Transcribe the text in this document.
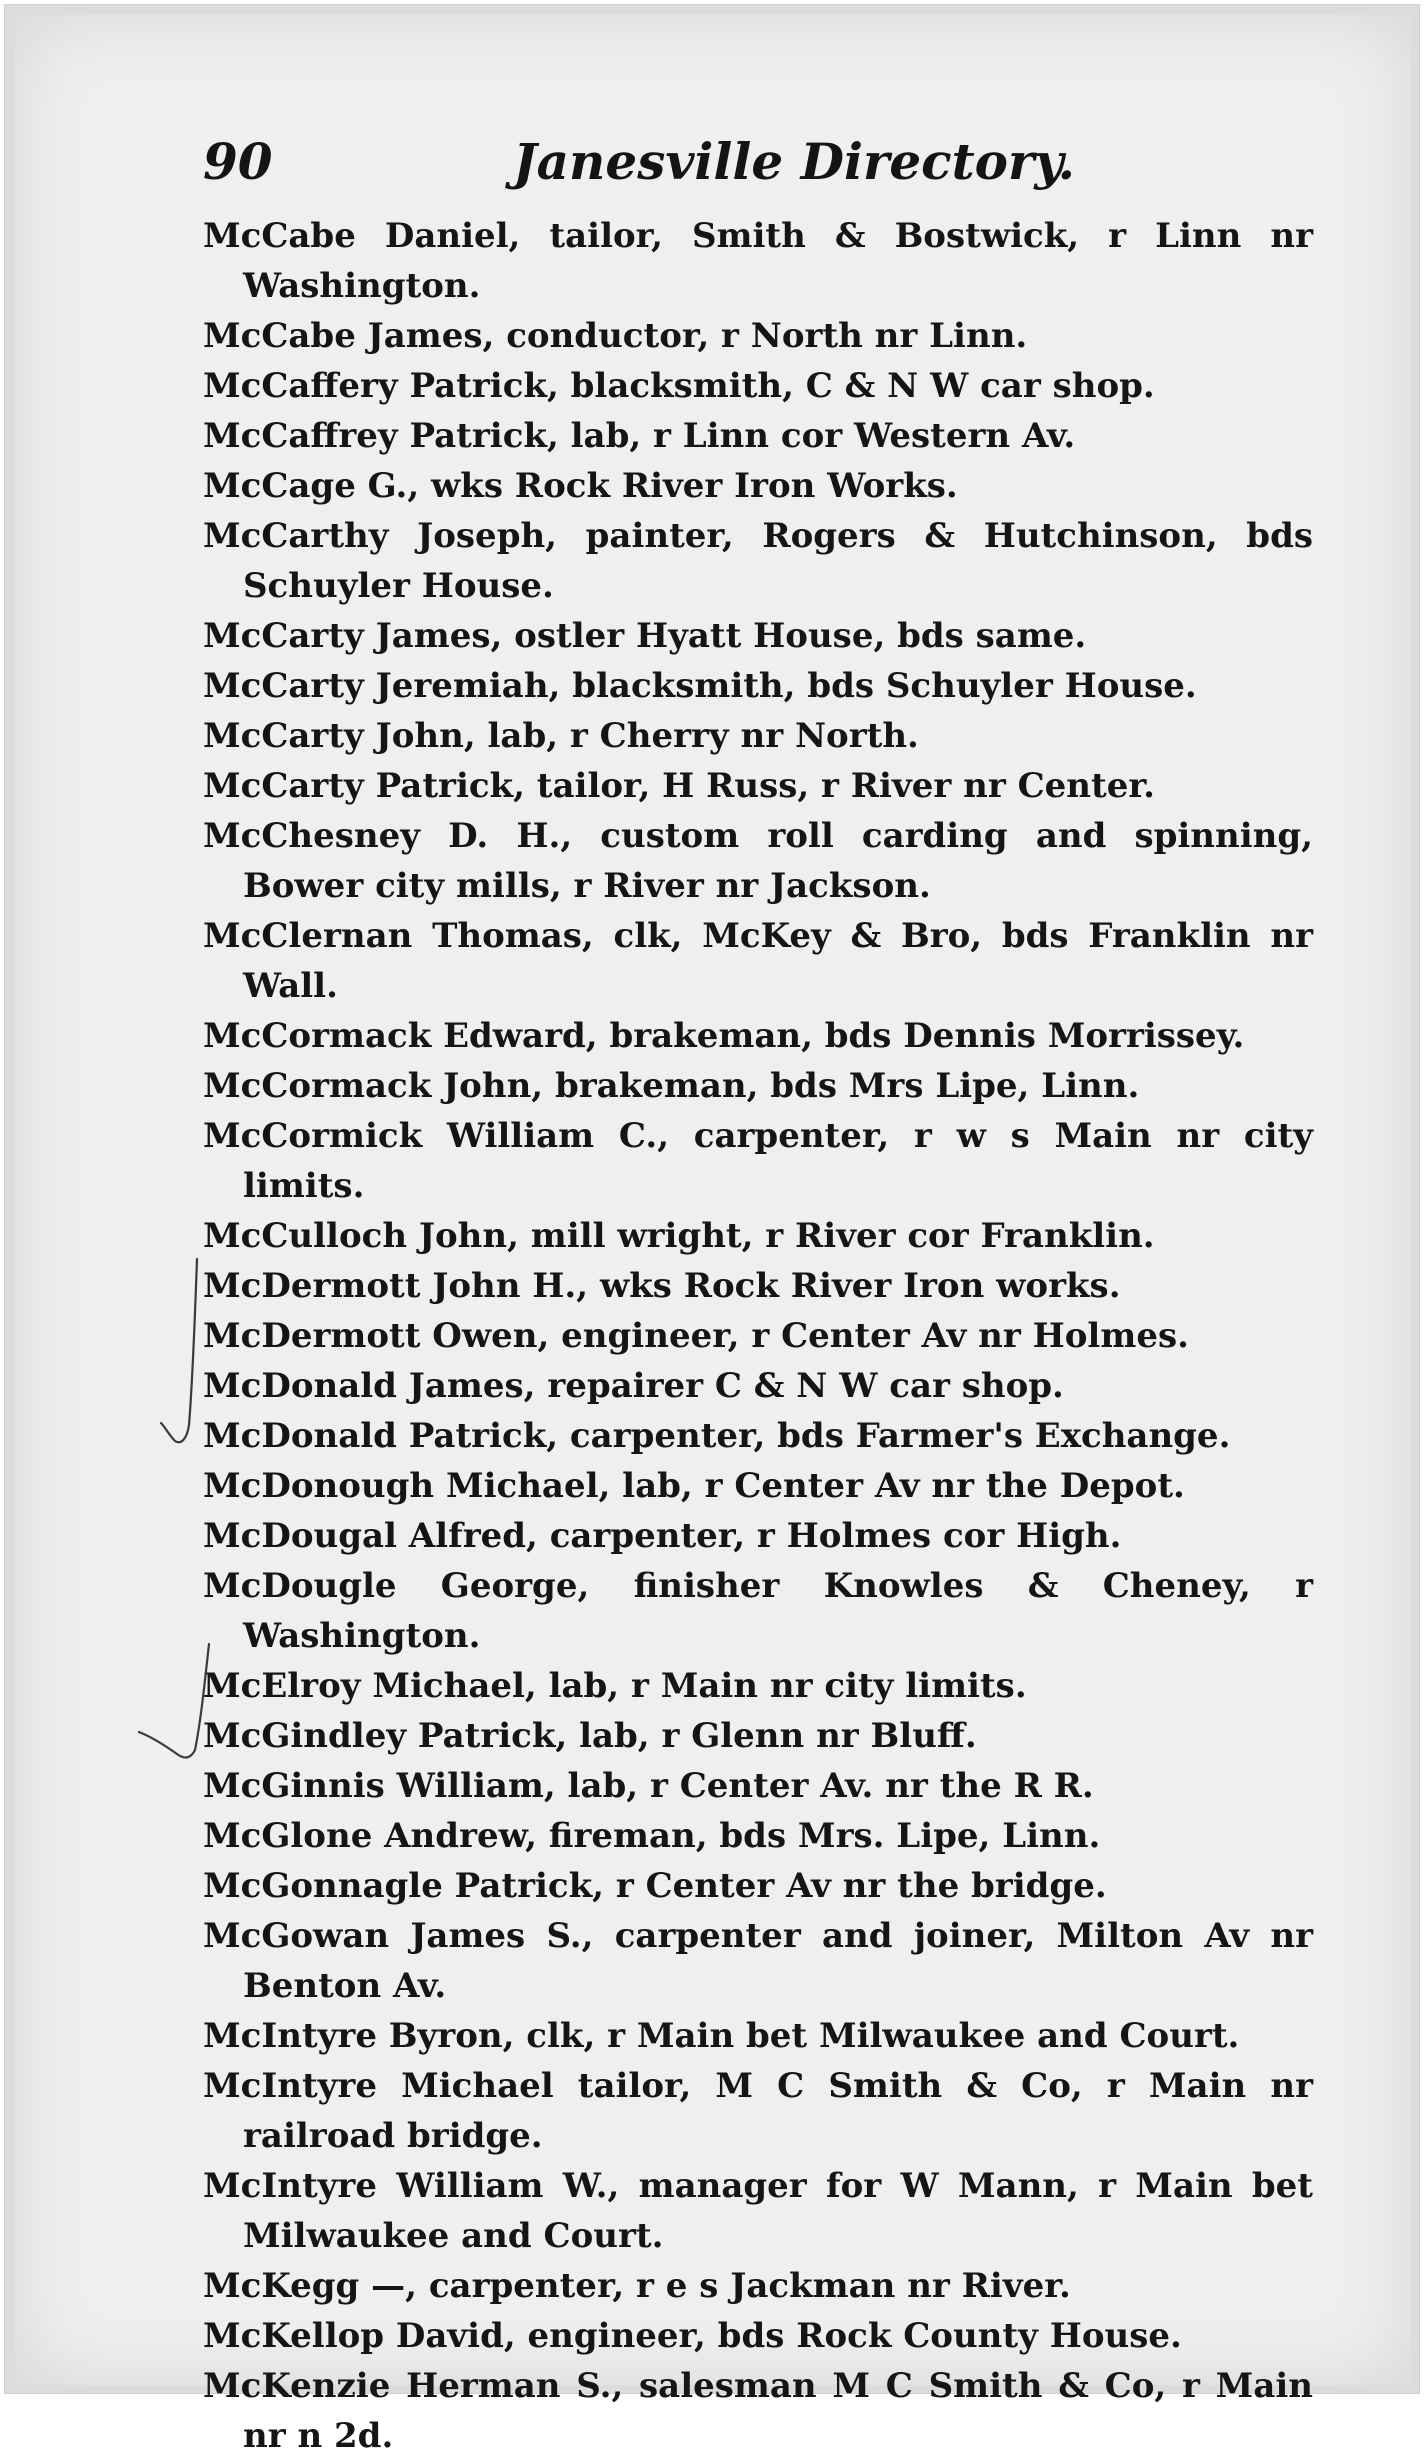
90	Janesville Directory.

McCabe Daniel, tailor, Smith & Bostwick, r Linn nr Washington.

McCabe James, conductor, r North nr Linn.

McCaffery Patrick, blacksmith, C & N W car shop.

McCaffrey Patrick, lab, r Linn cor Western Av.

McCage G., wks Rock River Iron Works.

McCarthy Joseph, painter, Rogers & Hutchinson, bds Schuyler House.

McCarty James, ostler Hyatt House, bds same.

McCarty Jeremiah, blacksmith, bds Schuyler House.

McCarty John, lab, r Cherry nr North.

McCarty Patrick, tailor, H Russ, r River nr Center.

McChesney D. H., custom roll carding and spinning, Bower city mills, r River nr Jackson.

McClernan Thomas, clk, McKey & Bro, bds Franklin nr Wall.

McCormack Edward, brakeman, bds Dennis Morrissey.

McCormack John, brakeman, bds Mrs Lipe, Linn.

McCormick William C., carpenter, r w s Main nr city limits.

McCulloch John, mill wright, r River cor Franklin.

McDermott John H., wks Rock River Iron works.

McDermott Owen, engineer, r Center Av nr Holmes.

McDonald James, repairer C & N W car shop.

McDonald Patrick, carpenter, bds Farmer's Exchange.

McDonough Michael, lab, r Center Av nr the Depot.

McDougal Alfred, carpenter, r Holmes cor High.

McDougle George, finisher Knowles & Cheney, r Washington.

McElroy Michael, lab, r Main nr city limits.

McGindley Patrick, lab, r Glenn nr Bluff.

McGinnis William, lab, r Center Av. nr the R R.

McGlone Andrew, fireman, bds Mrs. Lipe, Linn.

McGonnagle Patrick, r Center Av nr the bridge.

McGowan James S., carpenter and joiner, Milton Av nr Benton Av.

McIntyre Byron, clk, r Main bet Milwaukee and Court.

McIntyre Michael tailor, M C Smith & Co, r Main nr railroad bridge.

McIntyre William W., manager for W Mann, r Main bet Milwaukee and Court.

McKegg —, carpenter, r e s Jackman nr River.

McKellop David, engineer, bds Rock County House.

McKenzie Herman S., salesman M C Smith & Co, r Main nr n 2d.
